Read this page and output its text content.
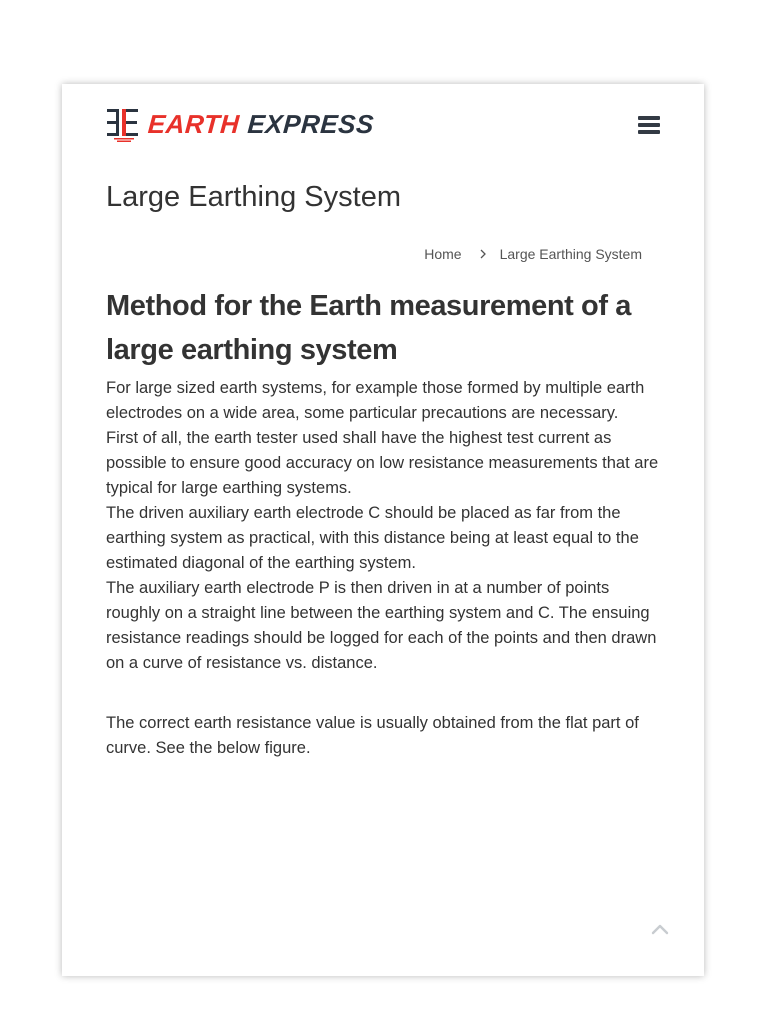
EARTH EXPRESS
Large Earthing System
Home	Large Earthing System
Method for the Earth measurement of a large earthing system

For large sized earth systems, for example those formed by multiple earth electrodes on a wide area, some particular precautions are necessary.

First of all, the earth tester used shall have the highest test current as possible to ensure good accuracy on low resistance measurements that are typical for large earthing systems.

The driven auxiliary earth electrode C should be placed as far from the earthing system as practical, with this distance being at least equal to the estimated diagonal of the earthing system.

The auxiliary earth electrode P is then driven in at a number of points roughly on a straight line between the earthing system and C. The ensuing resistance readings should be logged for each of the points and then drawn on a curve of resistance vs. distance.

The correct earth resistance value is usually obtained from the flat part of curve. See the below figure.
